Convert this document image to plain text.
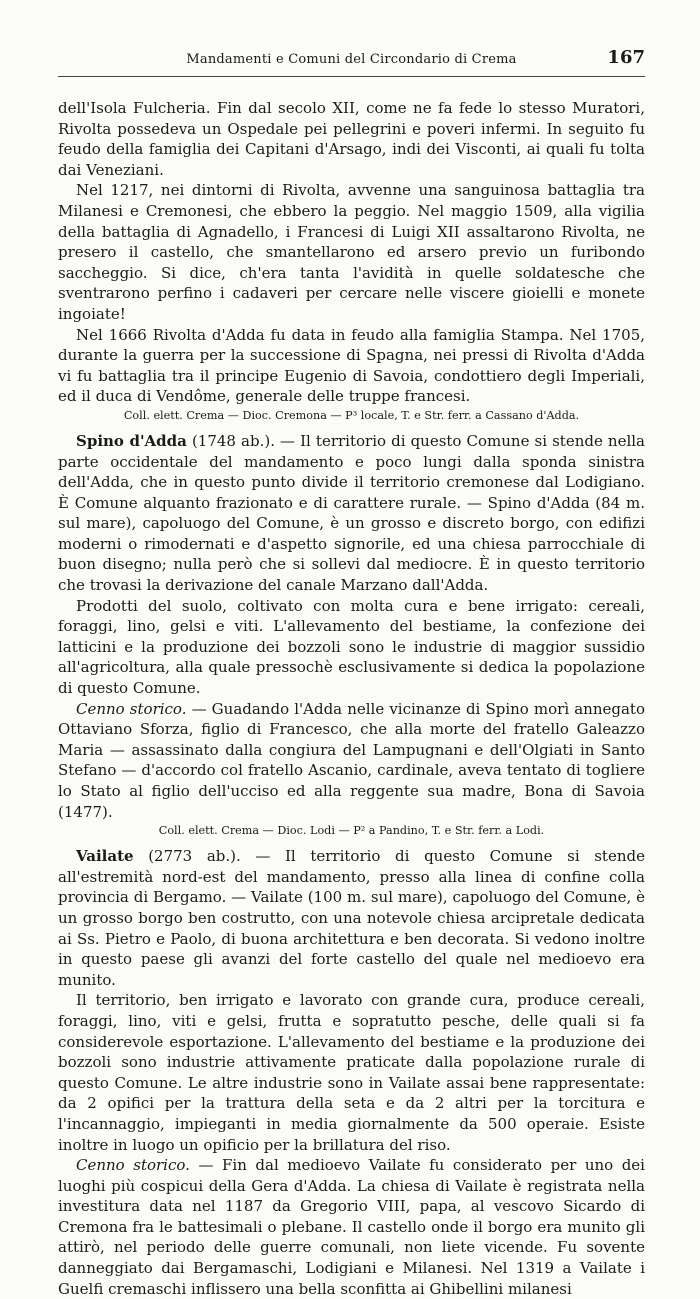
Mandamenti e Comuni del Circondario di Crema	167

dell'Isola Fulcheria. Fin dal secolo XII, come ne fa fede lo stesso Muratori, Rivolta possedeva un Ospedale pei pellegrini e poveri infermi. In seguito fu feudo della famiglia dei Capitani d'Arsago, indi dei Visconti, ai quali fu tolta dai Veneziani.

Nel 1217, nei dintorni di Rivolta, avvenne una sanguinosa battaglia tra Milanesi e Cremonesi, che ebbero la peggio. Nel maggio 1509, alla vigilia della battaglia di Agnadello, i Francesi di Luigi XII assaltarono Rivolta, ne presero il castello, che smantellarono ed arsero previo un furibondo saccheggio. Si dice, ch'era tanta l'avidità in quelle soldatesche che sventrarono perfino i cadaveri per cercare nelle viscere gioielli e monete ingoiate!

Nel 1666 Rivolta d'Adda fu data in feudo alla famiglia Stampa. Nel 1705, durante la guerra per la successione di Spagna, nei pressi di Rivolta d'Adda vi fu battaglia tra il principe Eugenio di Savoia, condottiero degli Imperiali, ed il duca di Vendôme, generale delle truppe francesi.

Coll. elett. Crema — Dioc. Cremona — P³ locale, T. e Str. ferr. a Cassano d'Adda.

Spino d'Adda (1748 ab.). — Il territorio di questo Comune si stende nella parte occidentale del mandamento e poco lungi dalla sponda sinistra dell'Adda, che in questo punto divide il territorio cremonese dal Lodigiano. È Comune alquanto frazionato e di carattere rurale. — Spino d'Adda (84 m. sul mare), capoluogo del Comune, è un grosso e discreto borgo, con edifizi moderni o rimodernati e d'aspetto signorile, ed una chiesa parrocchiale di buon disegno; nulla però che si sollevi dal mediocre. È in questo territorio che trovasi la derivazione del canale Marzano dall'Adda.

Prodotti del suolo, coltivato con molta cura e bene irrigato: cereali, foraggi, lino, gelsi e viti. L'allevamento del bestiame, la confezione dei latticini e la produzione dei bozzoli sono le industrie di maggior sussidio all'agricoltura, alla quale pressochè esclusivamente si dedica la popolazione di questo Comune.

Cenno storico. — Guadando l'Adda nelle vicinanze di Spino morì annegato Ottaviano Sforza, figlio di Francesco, che alla morte del fratello Galeazzo Maria — assassinato dalla congiura del Lampugnani e dell'Olgiati in Santo Stefano — d'accordo col fratello Ascanio, cardinale, aveva tentato di togliere lo Stato al figlio dell'ucciso ed alla reggente sua madre, Bona di Savoia (1477).

Coll. elett. Crema — Dioc. Lodi — P² a Pandino, T. e Str. ferr. a Lodi.

Vailate (2773 ab.). — Il territorio di questo Comune si stende all'estremità nord-est del mandamento, presso alla linea di confine colla provincia di Bergamo. — Vailate (100 m. sul mare), capoluogo del Comune, è un grosso borgo ben costrutto, con una notevole chiesa arcipretale dedicata ai Ss. Pietro e Paolo, di buona architettura e ben decorata. Si vedono inoltre in questo paese gli avanzi del forte castello del quale nel medioevo era munito.

Il territorio, ben irrigato e lavorato con grande cura, produce cereali, foraggi, lino, viti e gelsi, frutta e sopratutto pesche, delle quali si fa considerevole esportazione. L'allevamento del bestiame e la produzione dei bozzoli sono industrie attivamente praticate dalla popolazione rurale di questo Comune. Le altre industrie sono in Vailate assai bene rappresentate: da 2 opifici per la trattura della seta e da 2 altri per la torcitura e l'incannaggio, impieganti in media giornalmente da 500 operaie. Esiste inoltre in luogo un opificio per la brillatura del riso.

Cenno storico. — Fin dal medioevo Vailate fu considerato per uno dei luoghi più cospicui della Gera d'Adda. La chiesa di Vailate è registrata nella investitura data nel 1187 da Gregorio VIII, papa, al vescovo Sicardo di Cremona fra le battesimali o plebane. Il castello onde il borgo era munito gli attirò, nel periodo delle guerre comunali, non liete vicende. Fu sovente danneggiato dai Bergamaschi, Lodigiani e Milanesi. Nel 1319 a Vailate i Guelfi cremaschi inflissero una bella sconfitta ai Ghibellini milanesi
